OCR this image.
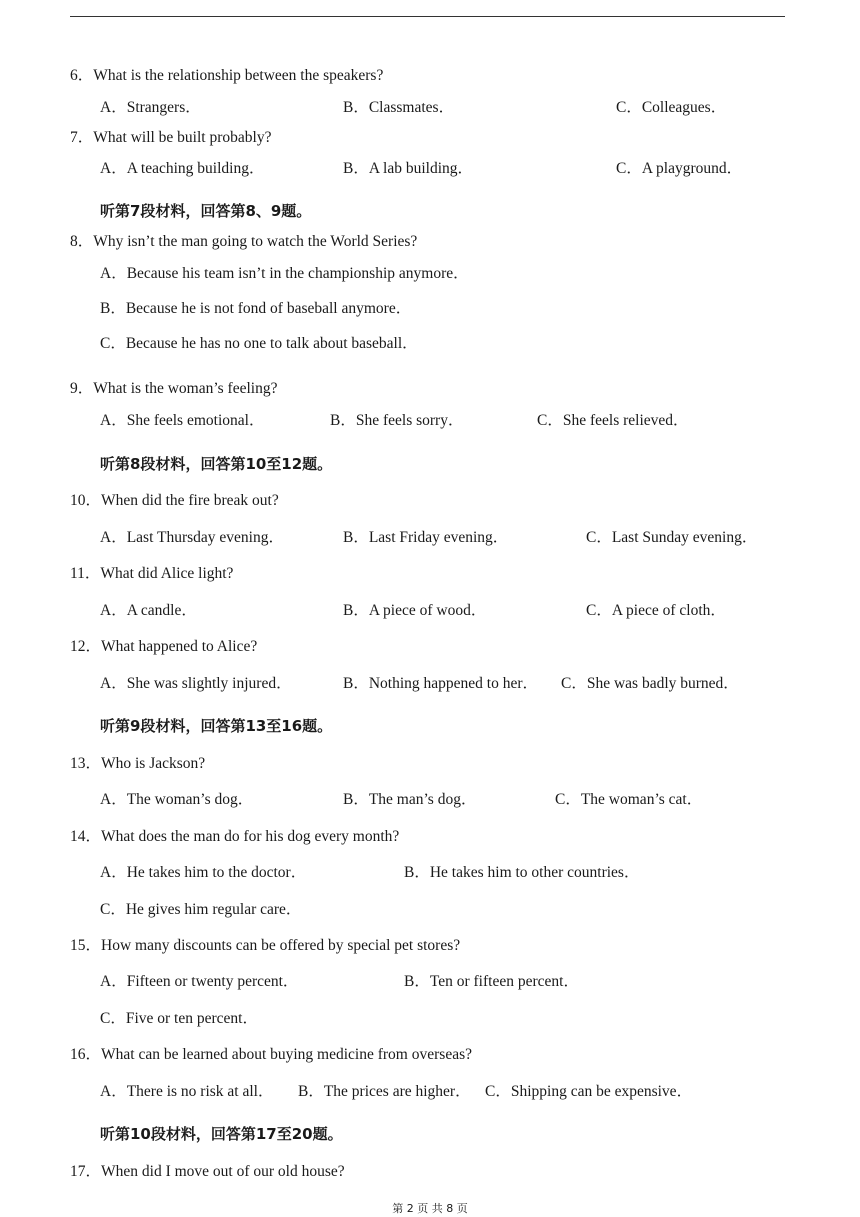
6．What is the relationship between the speakers?
A．Strangers．	B．Classmates．	C．Colleagues．
7．What will be built probably?
A．A teaching building．	B．A lab building．	C．A playground．
听第7段材料，回答第8、9题。
8．Why isn’t the man going to watch the World Series?
A．Because his team isn’t in the championship anymore．
B．Because he is not fond of baseball anymore．
C．Because he has no one to talk about baseball．
9．What is the woman’s feeling?
A．She feels emotional．	B．She feels sorry．	C．She feels relieved．
听第8段材料，回答第10至12题。
10．When did the fire break out?
A．Last Thursday evening．	B．Last Friday evening．	C．Last Sunday evening．
11．What did Alice light?
A．A candle．	B．A piece of wood．	C．A piece of cloth．
12．What happened to Alice?
A．She was slightly injured．	B．Nothing happened to her． C．She was badly burned．
听第9段材料，回答第13至16题。
13．Who is Jackson?
A．The woman’s dog．	B．The man’s dog．	C．The woman’s cat．
14．What does the man do for his dog every month?
A．He takes him to the doctor．	B．He takes him to other countries．
C．He gives him regular care．
15．How many discounts can be offered by special pet stores?
A．Fifteen or twenty percent．	B．Ten or fifteen percent．
C．Five or ten percent．
16．What can be learned about buying medicine from overseas?
A．There is no risk at all． B．The prices are higher． C．Shipping can be expensive．
听第10段材料，回答第17至20题。
17．When did I move out of our old house?
第 2 页 共 8 页
